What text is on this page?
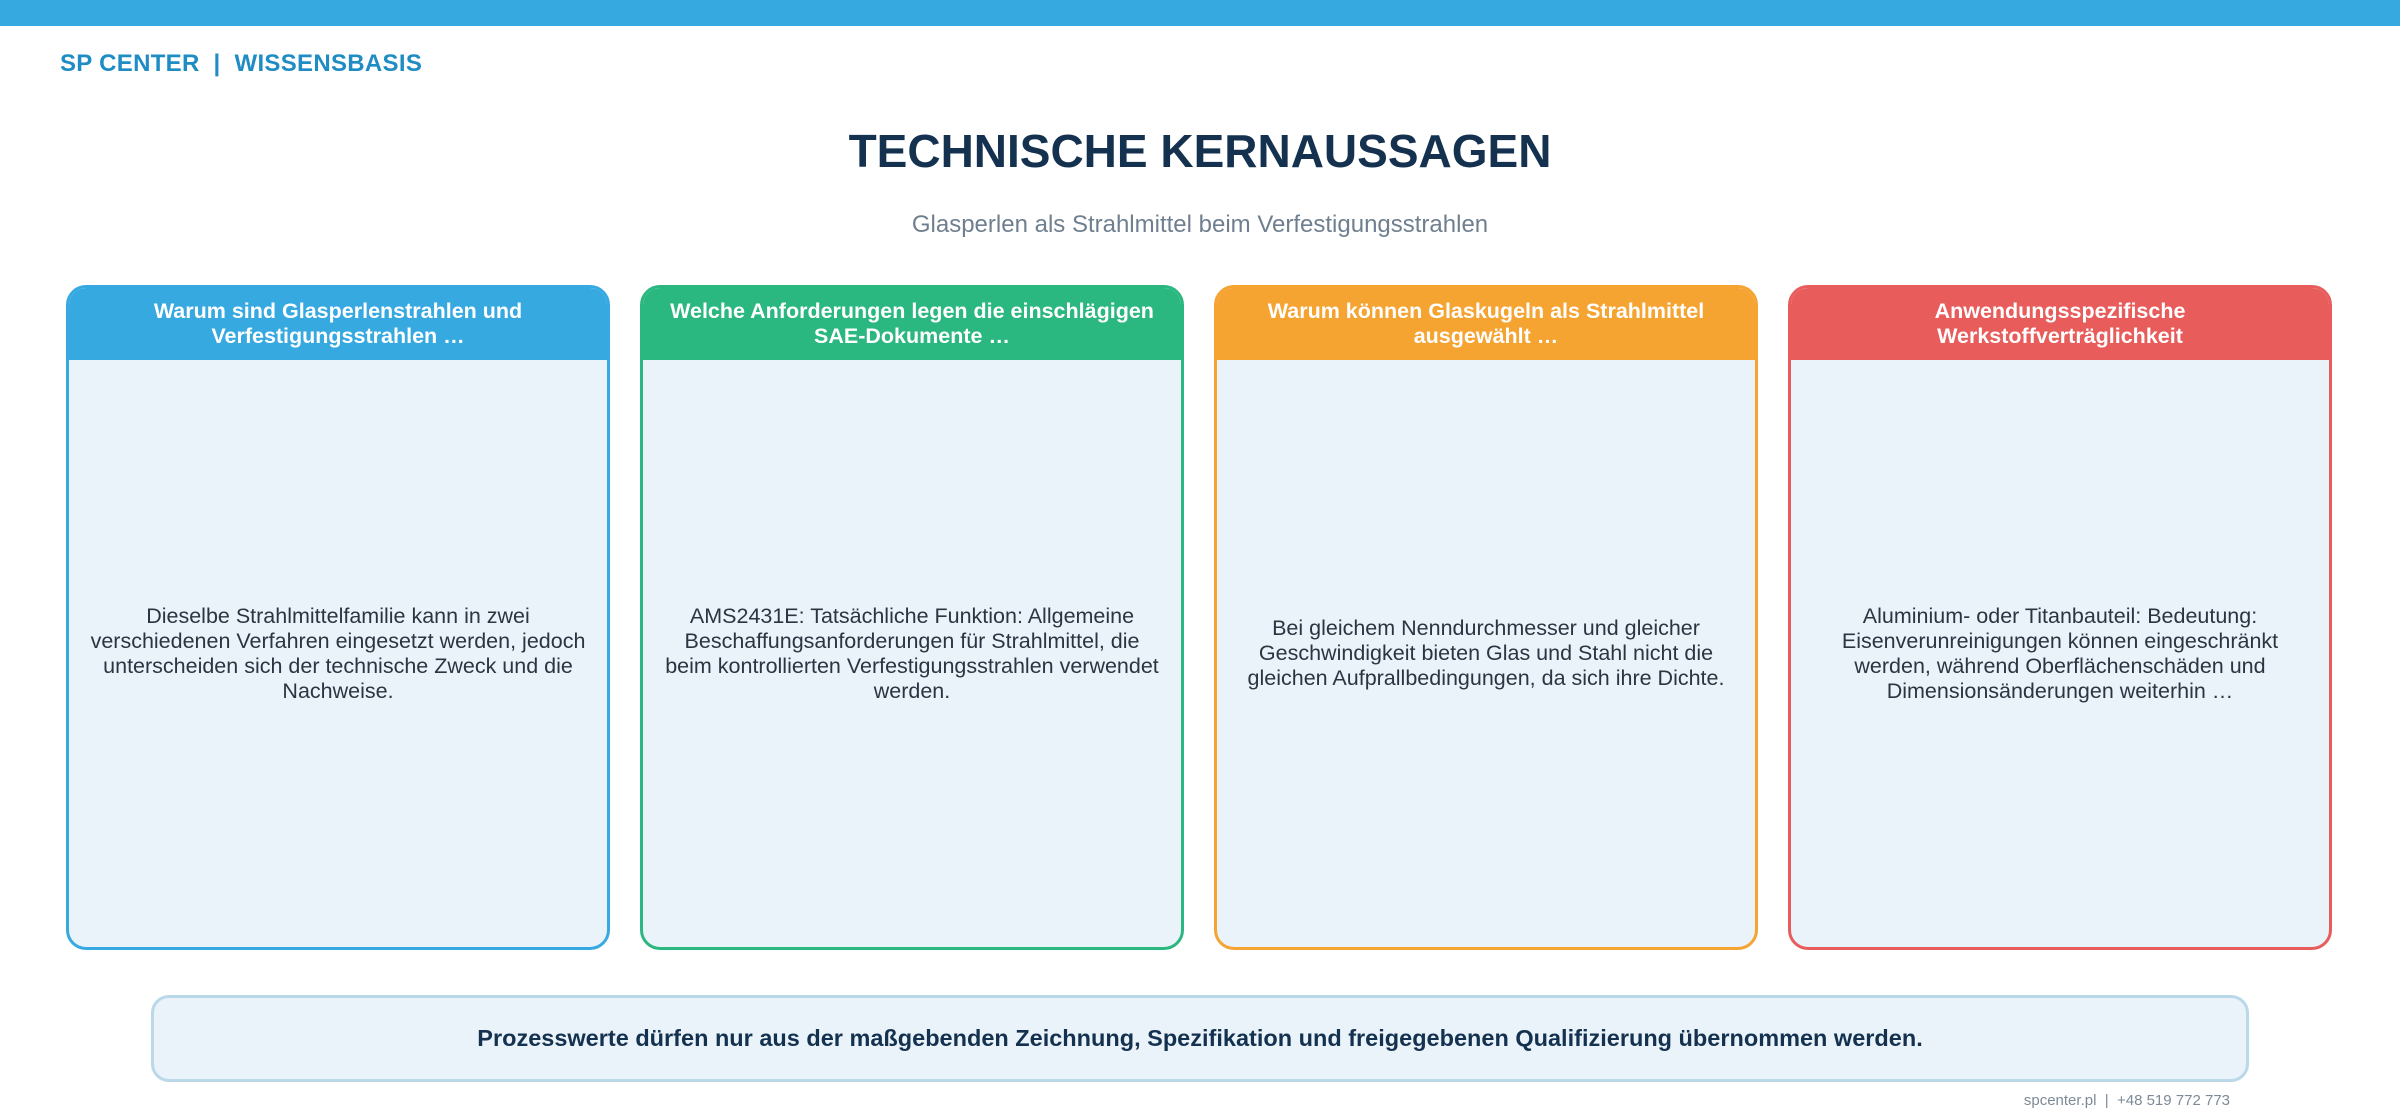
SP CENTER  |  WISSENSBASIS
TECHNISCHE KERNAUSSAGEN
Glasperlen als Strahlmittel beim Verfestigungsstrahlen
Warum sind Glasperlenstrahlen und Verfestigungsstrahlen …
Dieselbe Strahlmittelfamilie kann in zwei verschiedenen Verfahren eingesetzt werden, jedoch unterscheiden sich der technische Zweck und die Nachweise.
Welche Anforderungen legen die einschlägigen SAE-Dokumente …
AMS2431E: Tatsächliche Funktion: Allgemeine Beschaffungsanforderungen für Strahlmittel, die beim kontrollierten Verfestigungsstrahlen verwendet werden.
Warum können Glaskugeln als Strahlmittel ausgewählt …
Bei gleichem Nenndurchmesser und gleicher Geschwindigkeit bieten Glas und Stahl nicht die gleichen Aufprallbedingungen, da sich ihre Dichte.
Anwendungsspezifische Werkstoffverträglichkeit
Aluminium- oder Titanbauteil: Bedeutung: Eisenverunreinigungen können eingeschränkt werden, während Oberflächenschäden und Dimensionsänderungen weiterhin …
Prozesswerte dürfen nur aus der maßgebenden Zeichnung, Spezifikation und freigegebenen Qualifizierung übernommen werden.
spcenter.pl  |  +48 519 772 773
